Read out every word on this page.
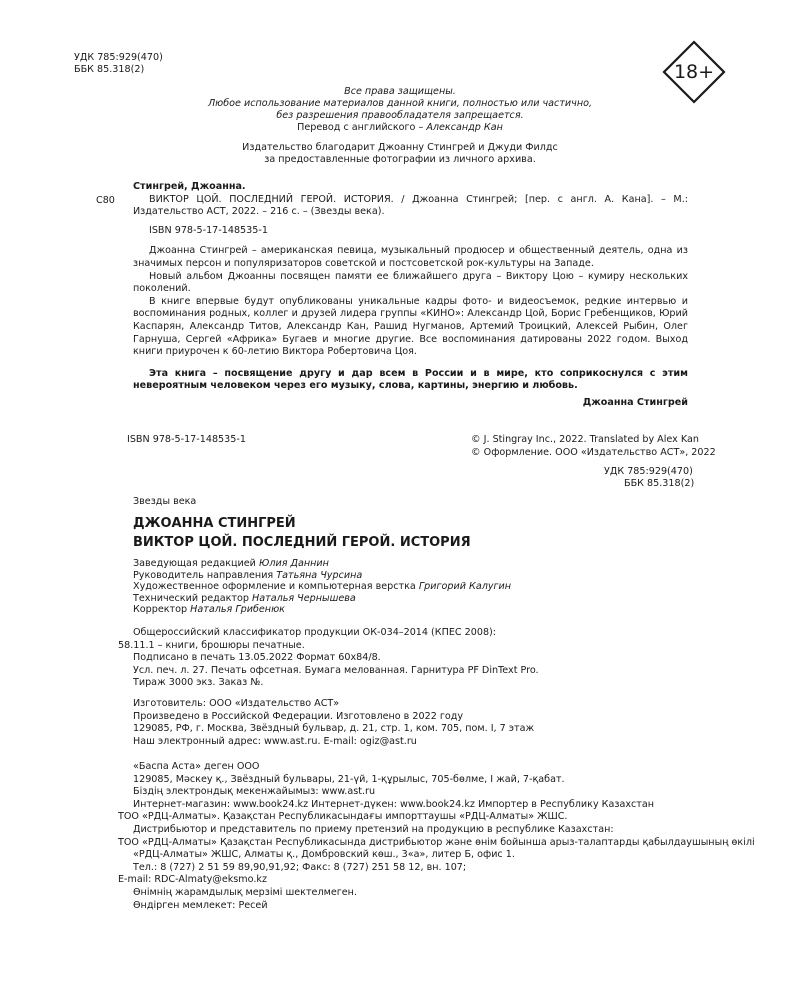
УДК 785:929(470)
ББК 85.318(2)	18+
Все права защищены.
Любое использование материалов данной книги, полностью или частично,
без разрешения правообладателя запрещается.
Перевод с английского – Александр Кан
Издательство благодарит Джоанну Стингрей и Джуди Филдс
за предоставленные фотографии из личного архива.
С80

Стингрей, Джоанна.

ВИКТОР ЦОЙ. ПОСЛЕДНИЙ ГЕРОЙ. ИСТОРИЯ. / Джоанна Стингрей; [пер. с англ. А. Кана]. – М.: Издательство АСТ, 2022. – 216 с. – (Звезды века).

ISBN 978-5-17-148535-1

Джоанна Стингрей – американская певица, музыкальный продюсер и общественный деятель, одна из значимых персон и популяризаторов советской и постсоветской рок-культуры на Западе.

Новый альбом Джоанны посвящен памяти ее ближайшего друга – Виктору Цою – кумиру нескольких поколений.

В книге впервые будут опубликованы уникальные кадры фото- и видеосъемок, редкие интервью и воспоминания родных, коллег и друзей лидера группы «КИНО»: Александр Цой, Борис Гребенщиков, Юрий Каспарян, Александр Титов, Александр Кан, Рашид Нугманов, Артемий Троицкий, Алексей Рыбин, Олег Гарнуша, Сергей «Африка» Бугаев и многие другие. Все воспоминания датированы 2022 годом. Выход книги приурочен к 60-летию Виктора Робертовича Цоя.

Эта книга – посвящение другу и дар всем в России и в мире, кто соприкоснулся с этим невероятным человеком через его музыку, слова, картины, энергию и любовь.

Джоанна Стингрей

ISBN 978-5-17-148535-1	© J. Stingray Inc., 2022. Translated by Alex Kan
© Оформление. ООО «Издательство АСТ», 2022
УДК 785:929(470)
ББК 85.318(2)
Звезды века
ДЖОАННА СТИНГРЕЙ
ВИКТОР ЦОЙ. ПОСЛЕДНИЙ ГЕРОЙ. ИСТОРИЯ
Заведующая редакцией Юлия Даннин
Руководитель направления Татьяна Чурсина
Художественное оформление и компьютерная верстка Григорий Калугин
Технический редактор Наталья Чернышева
Корректор Наталья Грибенюк
Общероссийский классификатор продукции ОК-034–2014 (КПЕС 2008):
58.11.1 – книги, брошюры печатные.
Подписано в печать 13.05.2022 Формат 60х84/8.
Усл. печ. л. 27. Печать офсетная. Бумага мелованная. Гарнитура PF DinText Pro.
Тираж 3000 экз. Заказ №.
Изготовитель: ООО «Издательство АСТ»
Произведено в Российской Федерации. Изготовлено в 2022 году
129085, РФ, г. Москва, Звёздный бульвар, д. 21, стр. 1, ком. 705, пом. I, 7 этаж
Наш электронный адрес: www.ast.ru. E-mail: ogiz@ast.ru
«Баспа Аста» деген ООО
129085, Мәскеу қ., Звёздный бульвары, 21-үй, 1-құрылыс, 705-бөлме, I жай, 7-қабат.
Біздің электрондық мекенжайымыз: www.ast.ru
Интернет-магазин: www.book24.kz Интернет-дүкен: www.book24.kz Импортер в Республику Казахстан
ТОО «РДЦ-Алматы». Қазақстан Республикасындағы импорттаушы «РДЦ-Алматы» ЖШС.
Дистрибьютор и представитель по приему претензий на продукцию в республике Казахстан:
ТОО «РДЦ-Алматы» Қазақстан Республикасында дистрибьютор және өнім бойынша арыз-талаптарды қабылдаушының өкілі
«РДЦ-Алматы» ЖШС, Алматы қ., Домбровский көш., 3«а», литер Б, офис 1.
Тел.: 8 (727) 2 51 59 89,90,91,92; Факс: 8 (727) 251 58 12, вн. 107;
E-mail: RDC-Almaty@eksmo.kz
Өнімнің жарамдылық мерзімі шектелмеген.
Өндірген мемлекет: Ресей
